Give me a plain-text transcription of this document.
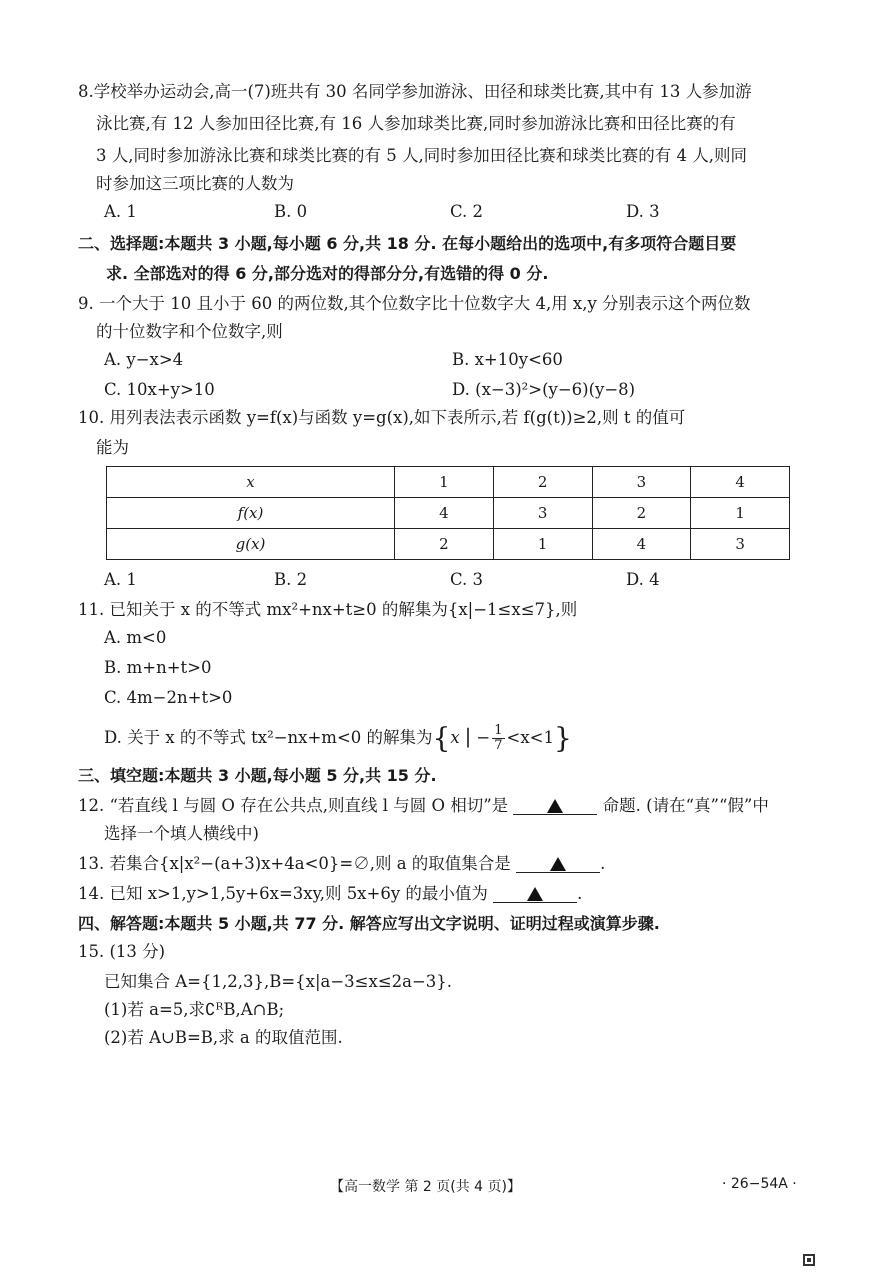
8.学校举办运动会,高一(7)班共有 30 名同学参加游泳、田径和球类比赛,其中有 13 人参加游
泳比赛,有 12 人参加田径比赛,有 16 人参加球类比赛,同时参加游泳比赛和田径比赛的有
3 人,同时参加游泳比赛和球类比赛的有 5 人,同时参加田径比赛和球类比赛的有 4 人,则同
时参加这三项比赛的人数为
A. 1	B. 0	C. 2	D. 3
二、选择题:本题共 3 小题,每小题 6 分,共 18 分. 在每小题给出的选项中,有多项符合题目要
求. 全部选对的得 6 分,部分选对的得部分分,有选错的得 0 分.
9. 一个大于 10 且小于 60 的两位数,其个位数字比十位数字大 4,用 x,y 分别表示这个两位数
的十位数字和个位数字,则
A. y−x>4	B. x+10y<60
C. 10x+y>10	D. (x−3)²>(y−6)(y−8)
10. 用列表法表示函数 y=f(x)与函数 y=g(x),如下表所示,若 f(g(t))≥2,则 t 的值可
能为
x	1	2	3	4
f(x)	4	3	2	1
g(x)	2	1	4	3
A. 1	B. 2	C. 3	D. 4
11. 已知关于 x 的不等式 mx²+nx+t≥0 的解集为{x|−1≤x≤7},则
A. m<0
B. m+n+t>0
C. 4m−2n+t>0
D. 关于 x 的不等式 tx²−nx+m<0 的解集为{x | − $\frac{1}{7} <x<1$}
三、填空题:本题共 3 小题,每小题 5 分,共 15 分.
12. “若直线 l 与圆 O 存在公共点,则直线 l 与圆 O 相切”是	命题. (请在“真”“假”中
选择一个填人横线中)
13. 若集合{x|x²−(a+3)x+4a<0}=∅,则 a 的取值集合是	.
14. 已知 x>1,y>1,5y+6x=3xy,则 5x+6y 的最小值为	.
四、解答题:本题共 5 小题,共 77 分. 解答应写出文字说明、证明过程或演算步骤.
15. (13 分)
已知集合 A={1,2,3},B={x|a−3≤x≤2a−3}.
(1)若 a=5,求∁ᴿB,A∩B;
(2)若 A∪B=B,求 a 的取值范围.
【高一数学 第 2 页(共 4 页)】	· 26−54A ·
